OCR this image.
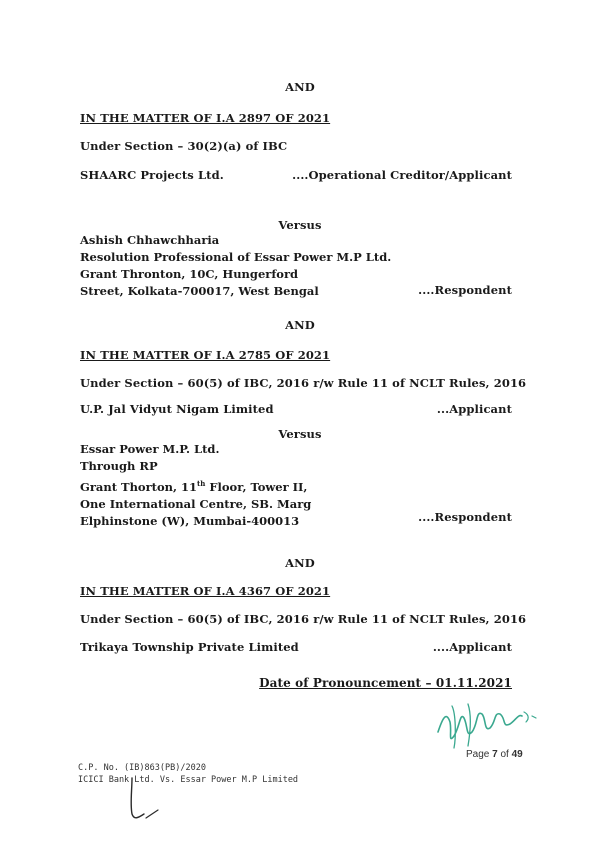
AND
IN THE MATTER OF I.A 2897 OF 2021
Under Section – 30(2)(a) of IBC
SHAARC Projects Ltd.	....Operational Creditor/Applicant
Versus
Ashish Chhawchharia
Resolution Professional of Essar Power M.P Ltd.
Grant Thronton, 10C, Hungerford
Street, Kolkata-700017, West Bengal	....Respondent
AND
IN THE MATTER OF I.A 2785 OF 2021
Under Section – 60(5) of IBC, 2016 r/w Rule 11 of NCLT Rules, 2016
U.P. Jal Vidyut Nigam Limited	...Applicant
Versus
Essar Power M.P. Ltd.
Through RP
Grant Thorton, 11th Floor, Tower II,
One International Centre, SB. Marg
Elphinstone (W), Mumbai-400013	....Respondent
AND
IN THE MATTER OF I.A 4367 OF 2021
Under Section – 60(5) of IBC, 2016 r/w Rule 11 of NCLT Rules, 2016
Trikaya Township Private Limited	....Applicant
Date of Pronouncement – 01.11.2021
Page 7 of 49
C.P. No. (IB)863(PB)/2020
ICICI Bank Ltd. Vs. Essar Power M.P Limited
